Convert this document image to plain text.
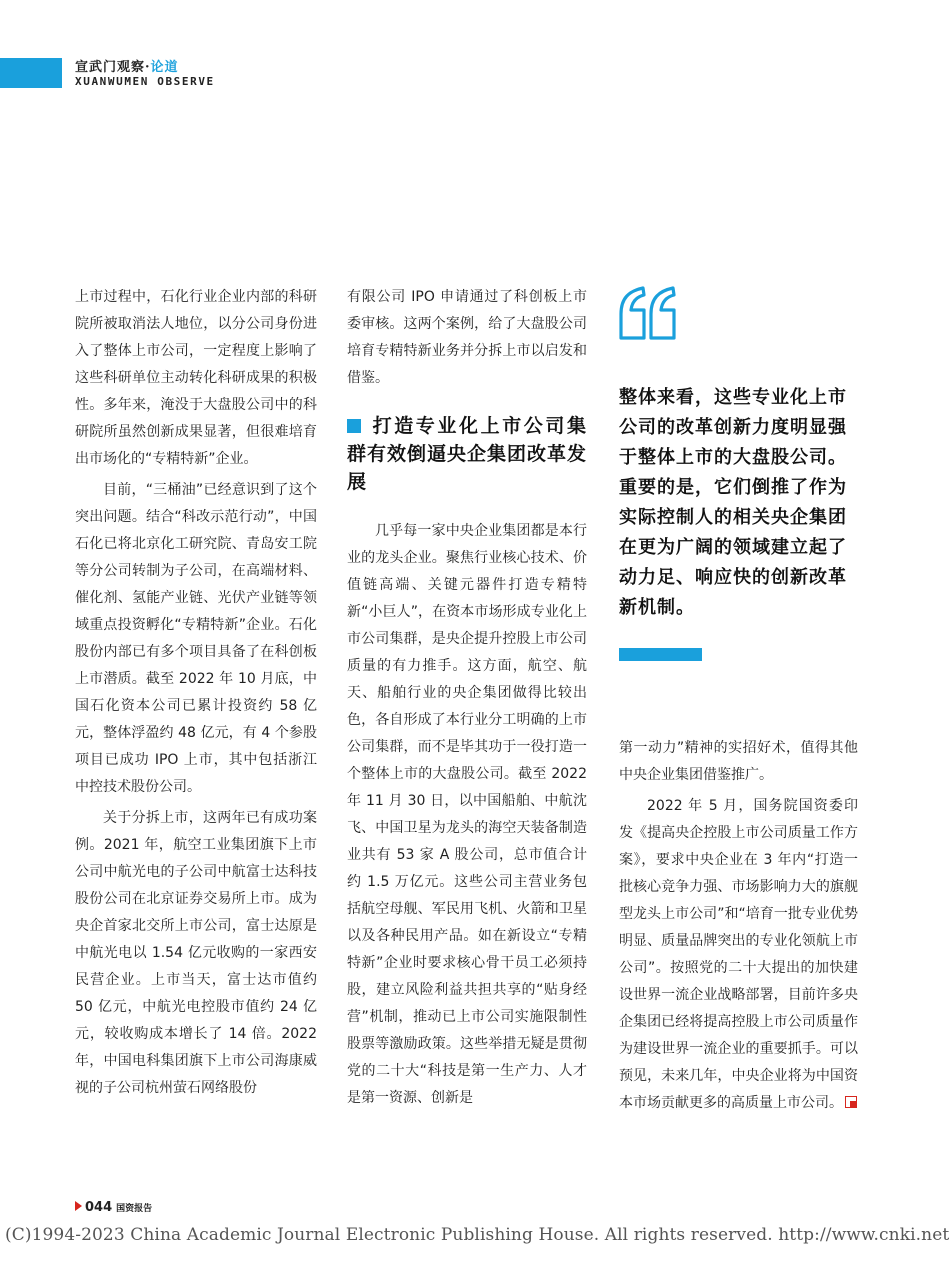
宣武门观察·论道
XUANWUMEN OBSERVE

上市过程中，石化行业企业内部的科研院所被取消法人地位，以分公司身份进入了整体上市公司，一定程度上影响了这些科研单位主动转化科研成果的积极性。多年来，淹没于大盘股公司中的科研院所虽然创新成果显著，但很难培育出市场化的“专精特新”企业。

目前，“三桶油”已经意识到了这个突出问题。结合“科改示范行动”，中国石化已将北京化工研究院、青岛安工院等分公司转制为子公司，在高端材料、催化剂、氢能产业链、光伏产业链等领域重点投资孵化“专精特新”企业。石化股份内部已有多个项目具备了在科创板上市潜质。截至 2022 年 10 月底，中国石化资本公司已累计投资约 58 亿元，整体浮盈约 48 亿元，有 4 个参股项目已成功 IPO 上市，其中包括浙江中控技术股份公司。

关于分拆上市，这两年已有成功案例。2021 年，航空工业集团旗下上市公司中航光电的子公司中航富士达科技股份公司在北京证券交易所上市。成为央企首家北交所上市公司，富士达原是中航光电以 1.54 亿元收购的一家西安民营企业。上市当天，富士达市值约 50 亿元，中航光电控股市值约 24 亿元，较收购成本增长了 14 倍。2022 年，中国电科集团旗下上市公司海康威视的子公司杭州萤石网络股份

有限公司 IPO 申请通过了科创板上市委审核。这两个案例，给了大盘股公司培育专精特新业务并分拆上市以启发和借鉴。

打造专业化上市公司集群有效倒逼央企集团改革发展

几乎每一家中央企业集团都是本行业的龙头企业。聚焦行业核心技术、价值链高端、关键元器件打造专精特新“小巨人”，在资本市场形成专业化上市公司集群，是央企提升控股上市公司质量的有力推手。这方面，航空、航天、船舶行业的央企集团做得比较出色，各自形成了本行业分工明确的上市公司集群，而不是毕其功于一役打造一个整体上市的大盘股公司。截至 2022 年 11 月 30 日，以中国船舶、中航沈飞、中国卫星为龙头的海空天装备制造业共有 53 家 A 股公司，总市值合计约 1.5 万亿元。这些公司主营业务包括航空母舰、军民用飞机、火箭和卫星以及各种民用产品。如在新设立“专精特新”企业时要求核心骨干员工必须持股，建立风险利益共担共享的“贴身经营”机制，推动已上市公司实施限制性股票等激励政策。这些举措无疑是贯彻党的二十大“科技是第一生产力、人才是第一资源、创新是

整体来看，这些专业化上市公司的改革创新力度明显强于整体上市的大盘股公司。重要的是，它们倒推了作为实际控制人的相关央企集团在更为广阔的领域建立起了动力足、响应快的创新改革新机制。

第一动力”精神的实招好术，值得其他中央企业集团借鉴推广。

2022 年 5 月，国务院国资委印发《提高央企控股上市公司质量工作方案》，要求中央企业在 3 年内“打造一批核心竞争力强、市场影响力大的旗舰型龙头上市公司”和“培育一批专业优势明显、质量品牌突出的专业化领航上市公司”。按照党的二十大提出的加快建设世界一流企业战略部署，目前许多央企集团已经将提高控股上市公司质量作为建设世界一流企业的重要抓手。可以预见，未来几年，中央企业将为中国资本市场贡献更多的高质量上市公司。

044 国资报告
(C)1994-2023 China Academic Journal Electronic Publishing House. All rights reserved. http://www.cnki.net
